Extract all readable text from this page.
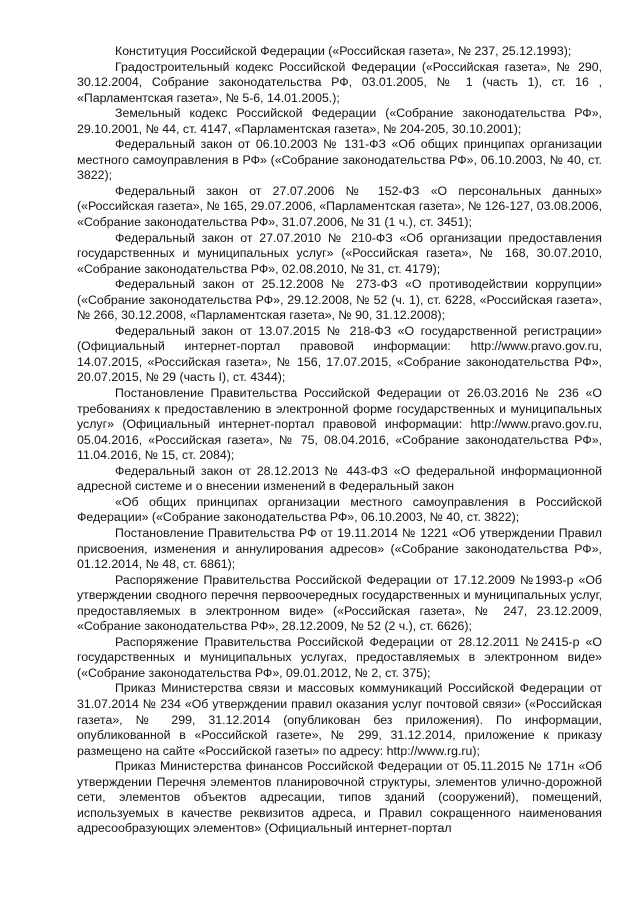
Конституция Российской Федерации («Российская газета», № 237, 25.12.1993);

Градостроительный кодекс Российской Федерации («Российская газета», № 290, 30.12.2004, Собрание законодательства РФ, 03.01.2005, № 1 (часть 1), ст. 16 , «Парламентская газета», № 5-6, 14.01.2005.);

Земельный кодекс Российской Федерации («Собрание законодательства РФ», 29.10.2001, № 44, ст. 4147, «Парламентская газета», № 204-205, 30.10.2001);

Федеральный закон от 06.10.2003 № 131-ФЗ «Об общих принципах организации местного самоуправления в РФ» («Собрание законодательства РФ», 06.10.2003, № 40, ст. 3822);

Федеральный закон от 27.07.2006 № 152-ФЗ «О персональных данных» («Российская газета», № 165, 29.07.2006, «Парламентская газета», № 126-127, 03.08.2006, «Собрание законодательства РФ», 31.07.2006, № 31 (1 ч.), ст. 3451);

Федеральный закон от 27.07.2010 № 210-ФЗ «Об организации предоставления государственных и муниципальных услуг» («Российская газета», № 168, 30.07.2010, «Собрание законодательства РФ», 02.08.2010, № 31, ст. 4179);

Федеральный закон от 25.12.2008 № 273-ФЗ «О противодействии коррупции» («Собрание законодательства РФ», 29.12.2008, № 52 (ч. 1), ст. 6228, «Российская газета», № 266, 30.12.2008, «Парламентская газета», № 90, 31.12.2008);

Федеральный закон от 13.07.2015 № 218-ФЗ «О государственной регистрации» (Официальный интернет-портал правовой информации: http://www.pravo.gov.ru, 14.07.2015, «Российская газета», № 156, 17.07.2015, «Собрание законодательства РФ», 20.07.2015, № 29 (часть I), ст. 4344);

Постановление Правительства Российской Федерации от 26.03.2016 № 236 «О требованиях к предоставлению в электронной форме государственных и муниципальных услуг» (Официальный интернет-портал правовой информации: http://www.pravo.gov.ru, 05.04.2016, «Российская газета», № 75, 08.04.2016, «Собрание законодательства РФ», 11.04.2016, № 15, ст. 2084);

Федеральный закон от 28.12.2013 № 443-ФЗ «О федеральной информационной адресной системе и о внесении изменений в Федеральный закон

«Об общих принципах организации местного самоуправления в Российской Федерации» («Собрание законодательства РФ», 06.10.2003, № 40, ст. 3822);

Постановление Правительства РФ от 19.11.2014 № 1221 «Об утверждении Правил присвоения, изменения и аннулирования адресов» («Собрание законодательства РФ», 01.12.2014, № 48, ст. 6861);

Распоряжение Правительства Российской Федерации от 17.12.2009 №1993-р «Об утверждении сводного перечня первоочередных государственных и муниципальных услуг, предоставляемых в электронном виде» («Российская газета», № 247, 23.12.2009, «Собрание законодательства РФ», 28.12.2009, № 52 (2 ч.), ст. 6626);

Распоряжение Правительства Российской Федерации от 28.12.2011 №2415-р «О государственных и муниципальных услугах, предоставляемых в электронном виде» («Собрание законодательства РФ», 09.01.2012, № 2, ст. 375);

Приказ Министерства связи и массовых коммуникаций Российской Федерации от 31.07.2014 № 234 «Об утверждении правил оказания услуг почтовой связи» («Российская газета», № 299, 31.12.2014 (опубликован без приложения). По информации, опубликованной в «Российской газете», № 299, 31.12.2014, приложение к приказу размещено на сайте «Российской газеты» по адресу: http://www.rg.ru);

Приказ Министерства финансов Российской Федерации от 05.11.2015 № 171н «Об утверждении Перечня элементов планировочной структуры, элементов улично-дорожной сети, элементов объектов адресации, типов зданий (сооружений), помещений, используемых в качестве реквизитов адреса, и Правил сокращенного наименования адресообразующих элементов» (Официальный интернет-портал
